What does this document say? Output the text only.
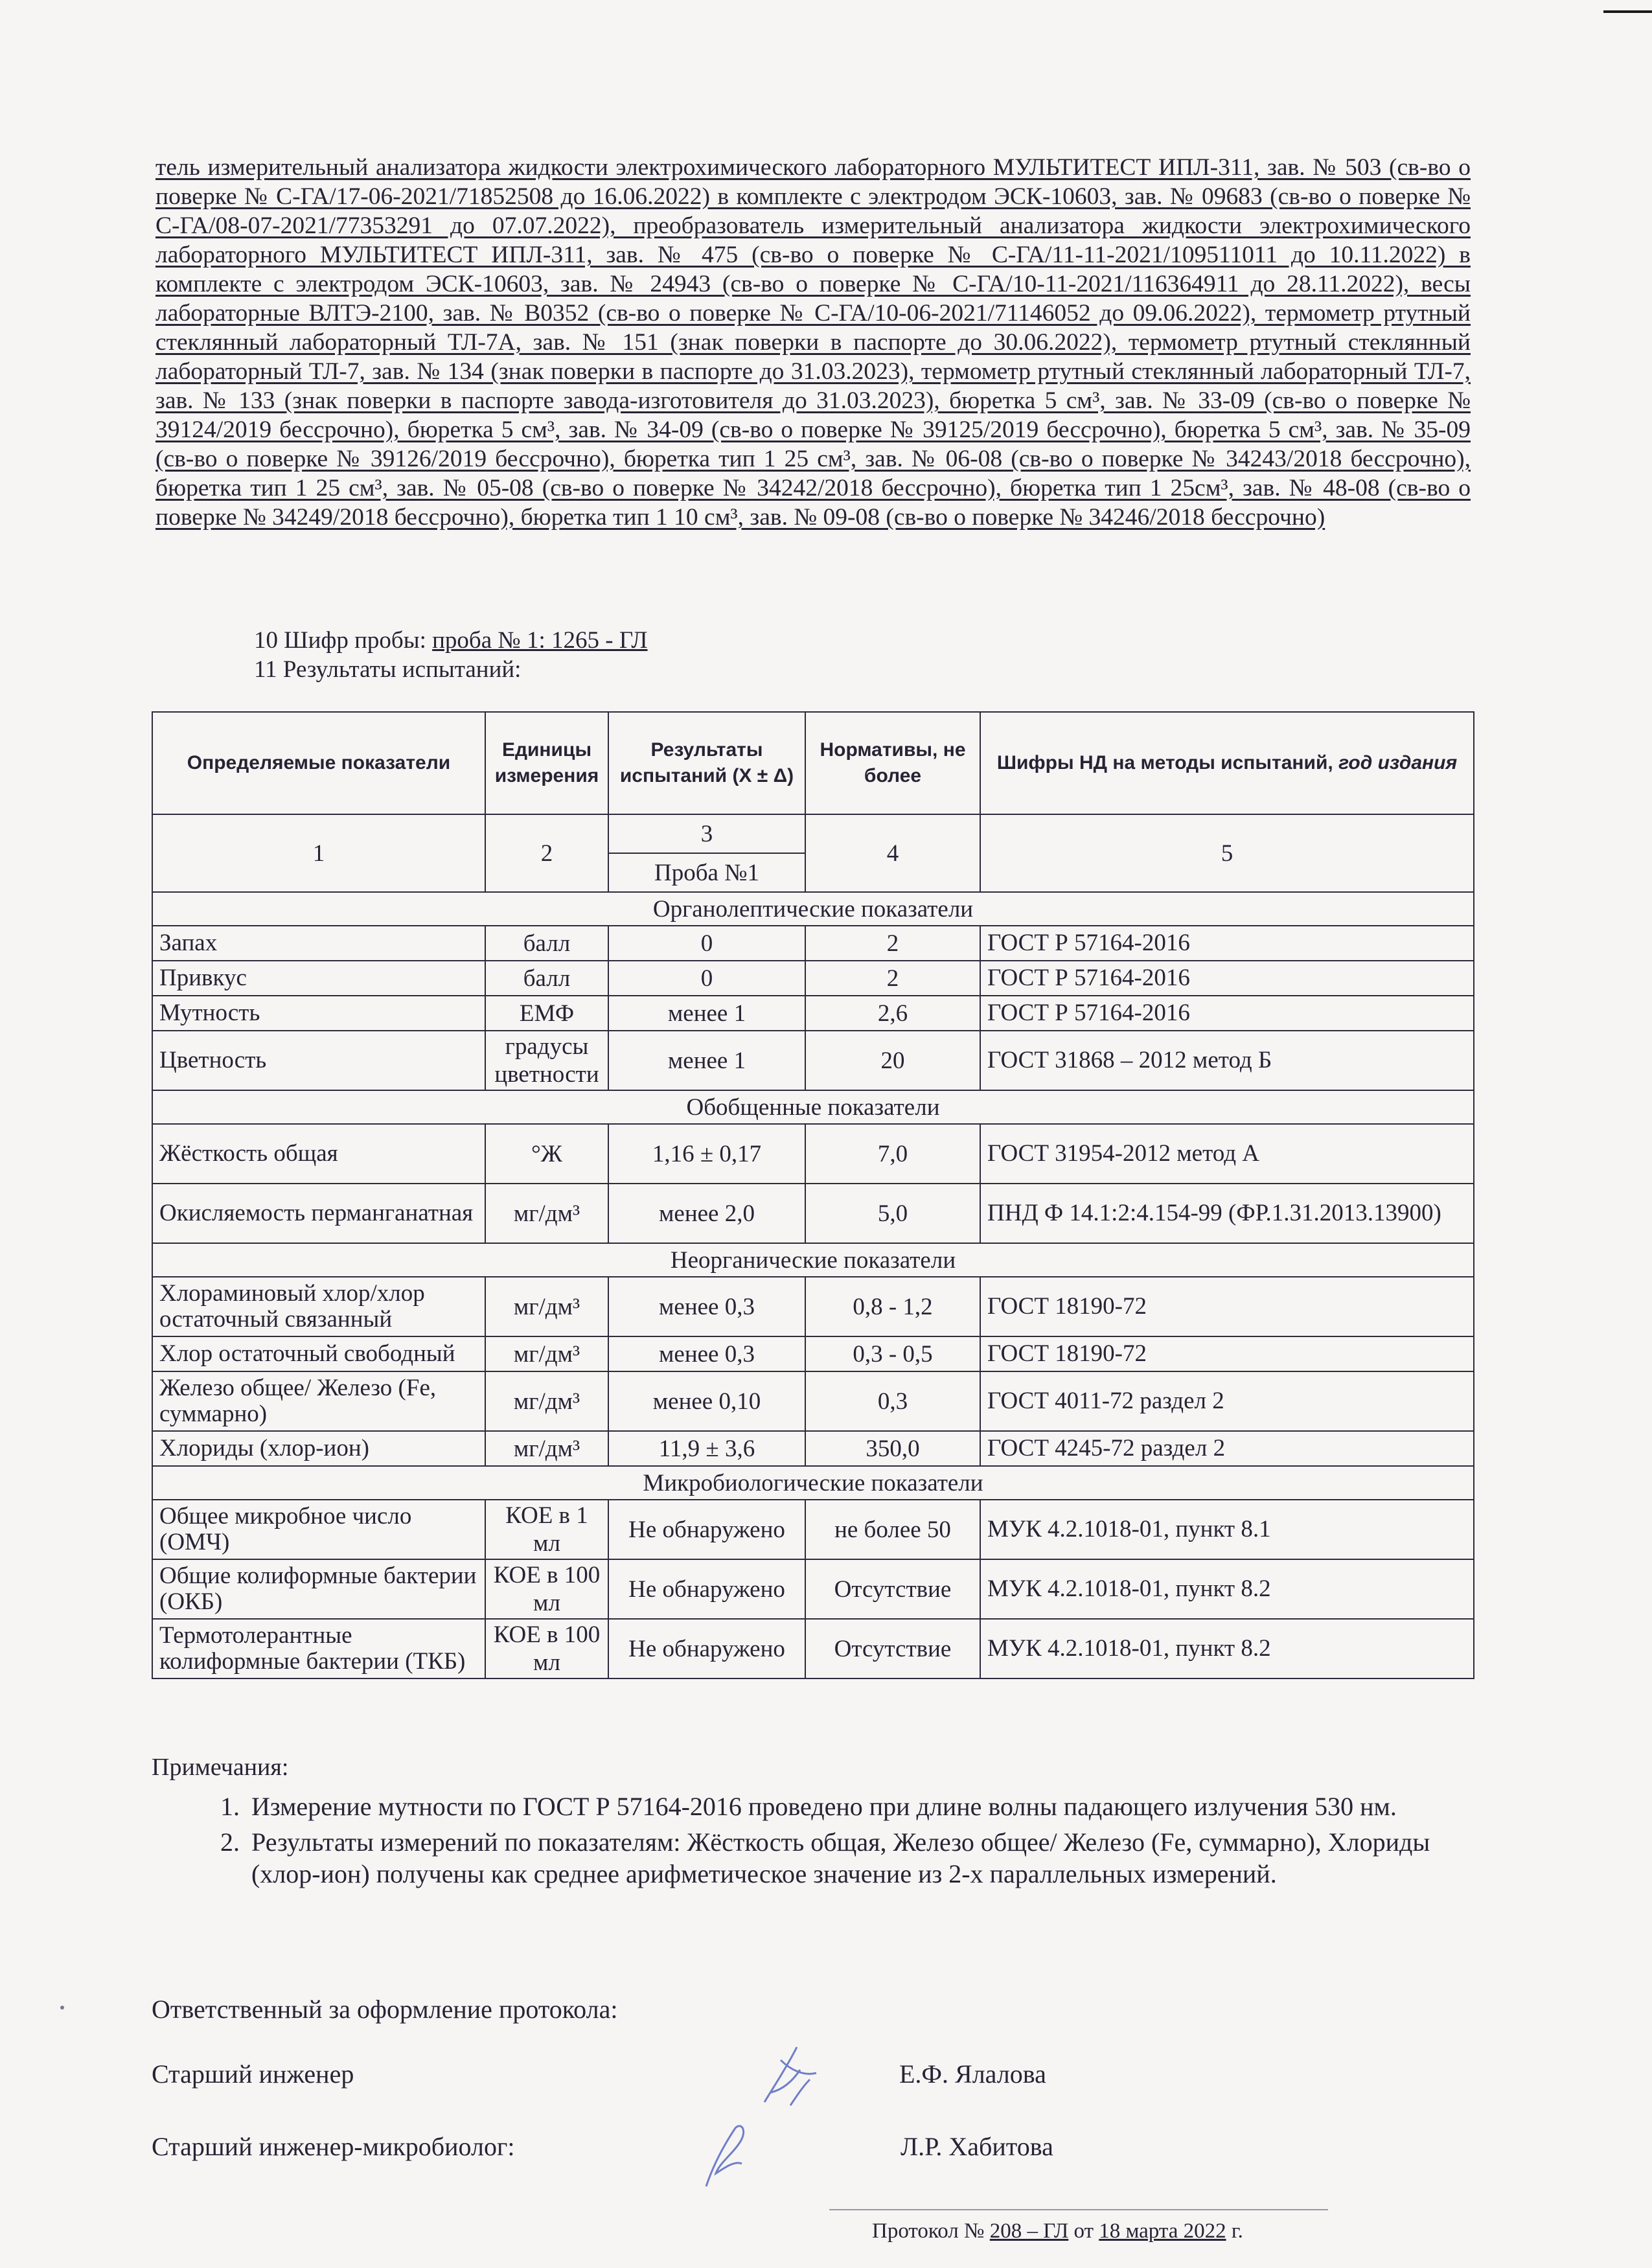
тель измерительный анализатора жидкости электрохимического лабораторного МУЛЬТИТЕСТ ИПЛ-311, зав. № 503 (св-во о поверке № С-ГА/17-06-2021/71852508 до 16.06.2022) в комплекте с электродом ЭСК-10603, зав. № 09683 (св-во о поверке № С-ГА/08-07-2021/77353291 до 07.07.2022), преобразователь измерительный анализатора жидкости электрохимического лабораторного МУЛЬТИТЕСТ ИПЛ-311, зав. № 475 (св-во о поверке № С-ГА/11-11-2021/109511011 до 10.11.2022) в комплекте с электродом ЭСК-10603, зав. № 24943 (св-во о поверке № С-ГА/10-11-2021/116364911 до 28.11.2022), весы лабораторные ВЛТЭ-2100, зав. № В0352 (св-во о поверке № С-ГА/10-06-2021/71146052 до 09.06.2022), термометр ртутный стеклянный лабораторный ТЛ-7А, зав. № 151 (знак поверки в паспорте до 30.06.2022), термометр ртутный стеклянный лабораторный ТЛ-7, зав. № 134 (знак поверки в паспорте до 31.03.2023), термометр ртутный стеклянный лабораторный ТЛ-7, зав. № 133 (знак поверки в паспорте завода-изготовителя до 31.03.2023), бюретка 5 см³, зав. № 33-09 (св-во о поверке № 39124/2019 бессрочно), бюретка 5 см³, зав. № 34-09 (св-во о поверке № 39125/2019 бессрочно), бюретка 5 см³, зав. № 35-09 (св-во о поверке № 39126/2019 бессрочно), бюретка тип 1 25 см³, зав. № 06-08 (св-во о поверке № 34243/2018 бессрочно), бюретка тип 1 25 см³, зав. № 05-08 (св-во о поверке № 34242/2018 бессрочно), бюретка тип 1 25см³, зав. № 48-08 (св-во о поверке № 34249/2018 бессрочно), бюретка тип 1 10 см³, зав. № 09-08 (св-во о поверке № 34246/2018 бессрочно)

10 Шифр пробы: проба № 1: 1265 - ГЛ
11 Результаты испытаний:
Определяемые показатели	Единицы измерения	Результаты испытаний (X ± Δ)	Нормативы, не более	Шифры НД на методы испытаний, год издания
1	2	3	4	5
		Проба №1		
Органолептические показатели				
Запах	балл	0	2	ГОСТ Р 57164-2016
Привкус	балл	0	2	ГОСТ Р 57164-2016
Мутность	ЕМФ	менее 1	2,6	ГОСТ Р 57164-2016
Цветность	градусы цветности	менее 1	20	ГОСТ 31868 – 2012 метод Б
Обобщенные показатели				
Жёсткость общая	°Ж	1,16 ± 0,17	7,0	ГОСТ 31954-2012 метод А
Окисляемость перманганатная	мг/дм³	менее 2,0	5,0	ПНД Ф 14.1:2:4.154-99 (ФР.1.31.2013.13900)
Неорганические показатели				
Хлораминовый хлор/хлор остаточный связанный	мг/дм³	менее 0,3	0,8 - 1,2	ГОСТ 18190-72
Хлор остаточный свободный	мг/дм³	менее 0,3	0,3 - 0,5	ГОСТ 18190-72
Железо общее/ Железо (Fe, суммарно)	мг/дм³	менее 0,10	0,3	ГОСТ 4011-72 раздел 2
Хлориды (хлор-ион)	мг/дм³	11,9 ± 3,6	350,0	ГОСТ 4245-72 раздел 2
Микробиологические показатели				
Общее микробное число (ОМЧ)	КОЕ в 1 мл	Не обнаружено	не более 50	МУК 4.2.1018-01, пункт 8.1
Общие колиформные бактерии (ОКБ)	КОЕ в 100 мл	Не обнаружено	Отсутствие	МУК 4.2.1018-01, пункт 8.2
Термотолерантные колиформные бактерии (ТКБ)	КОЕ в 100 мл	Не обнаружено	Отсутствие	МУК 4.2.1018-01, пункт 8.2
Примечания:
1. Измерение мутности по ГОСТ Р 57164-2016 проведено при длине волны падающего излучения 530 нм.
2. Результаты измерений по показателям: Жёсткость общая, Железо общее/ Железо (Fe, суммарно), Хлориды (хлор-ион) получены как среднее арифметическое значение из 2-х параллельных измерений.
Ответственный за оформление протокола:
Старший инженер	Е.Ф. Ялалова
Старший инженер-микробиолог:	Л.Р. Хабитова
Протокол № 208 – ГЛ от 18 марта 2022 г.
